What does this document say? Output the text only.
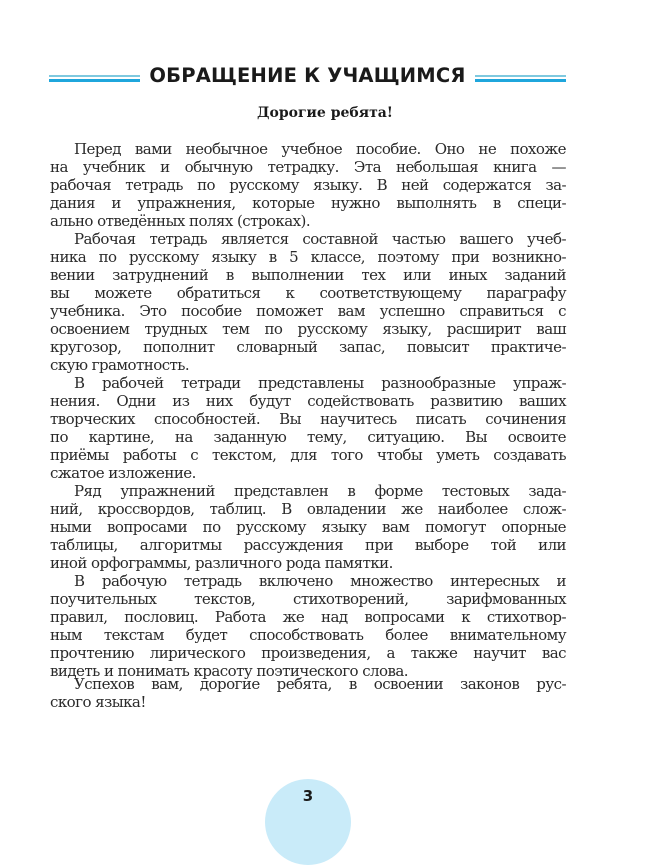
ОБРАЩЕНИЕ К УЧАЩИМСЯ
Дорогие ребята!
Перед вами необычное учебное пособие. Оно не похоже
на учебник и обычную тетрадку. Эта небольшая книга —
рабочая тетрадь по русскому языку. В ней содержатся за-
дания и упражнения, которые нужно выполнять в специ-
ально отведённых полях (строках).
Рабочая тетрадь является составной частью вашего учеб-
ника по русскому языку в 5 классе, поэтому при возникно-
вении затруднений в выполнении тех или иных заданий
вы можете обратиться к соответствующему параграфу
учебника. Это пособие поможет вам успешно справиться с
освоением трудных тем по русскому языку, расширит ваш
кругозор, пополнит словарный запас, повысит практиче-
скую грамотность.
В рабочей тетради представлены разнообразные упраж-
нения. Одни из них будут содействовать развитию ваших
творческих способностей. Вы научитесь писать сочинения
по картине, на заданную тему, ситуацию. Вы освоите
приёмы работы с текстом, для того чтобы уметь создавать
сжатое изложение.
Ряд упражнений представлен в форме тестовых зада-
ний, кроссвордов, таблиц. В овладении же наиболее слож-
ными вопросами по русскому языку вам помогут опорные
таблицы, алгоритмы рассуждения при выборе той или
иной орфограммы, различного рода памятки.
В рабочую тетрадь включено множество интересных и
поучительных текстов, стихотворений, зарифмованных
правил, пословиц. Работа же над вопросами к стихотвор-
ным текстам будет способствовать более внимательному
прочтению лирического произведения, а также научит вас
видеть и понимать красоту поэтического слова.
Успехов вам, дорогие ребята, в освоении законов рус-
ского языка!
3
